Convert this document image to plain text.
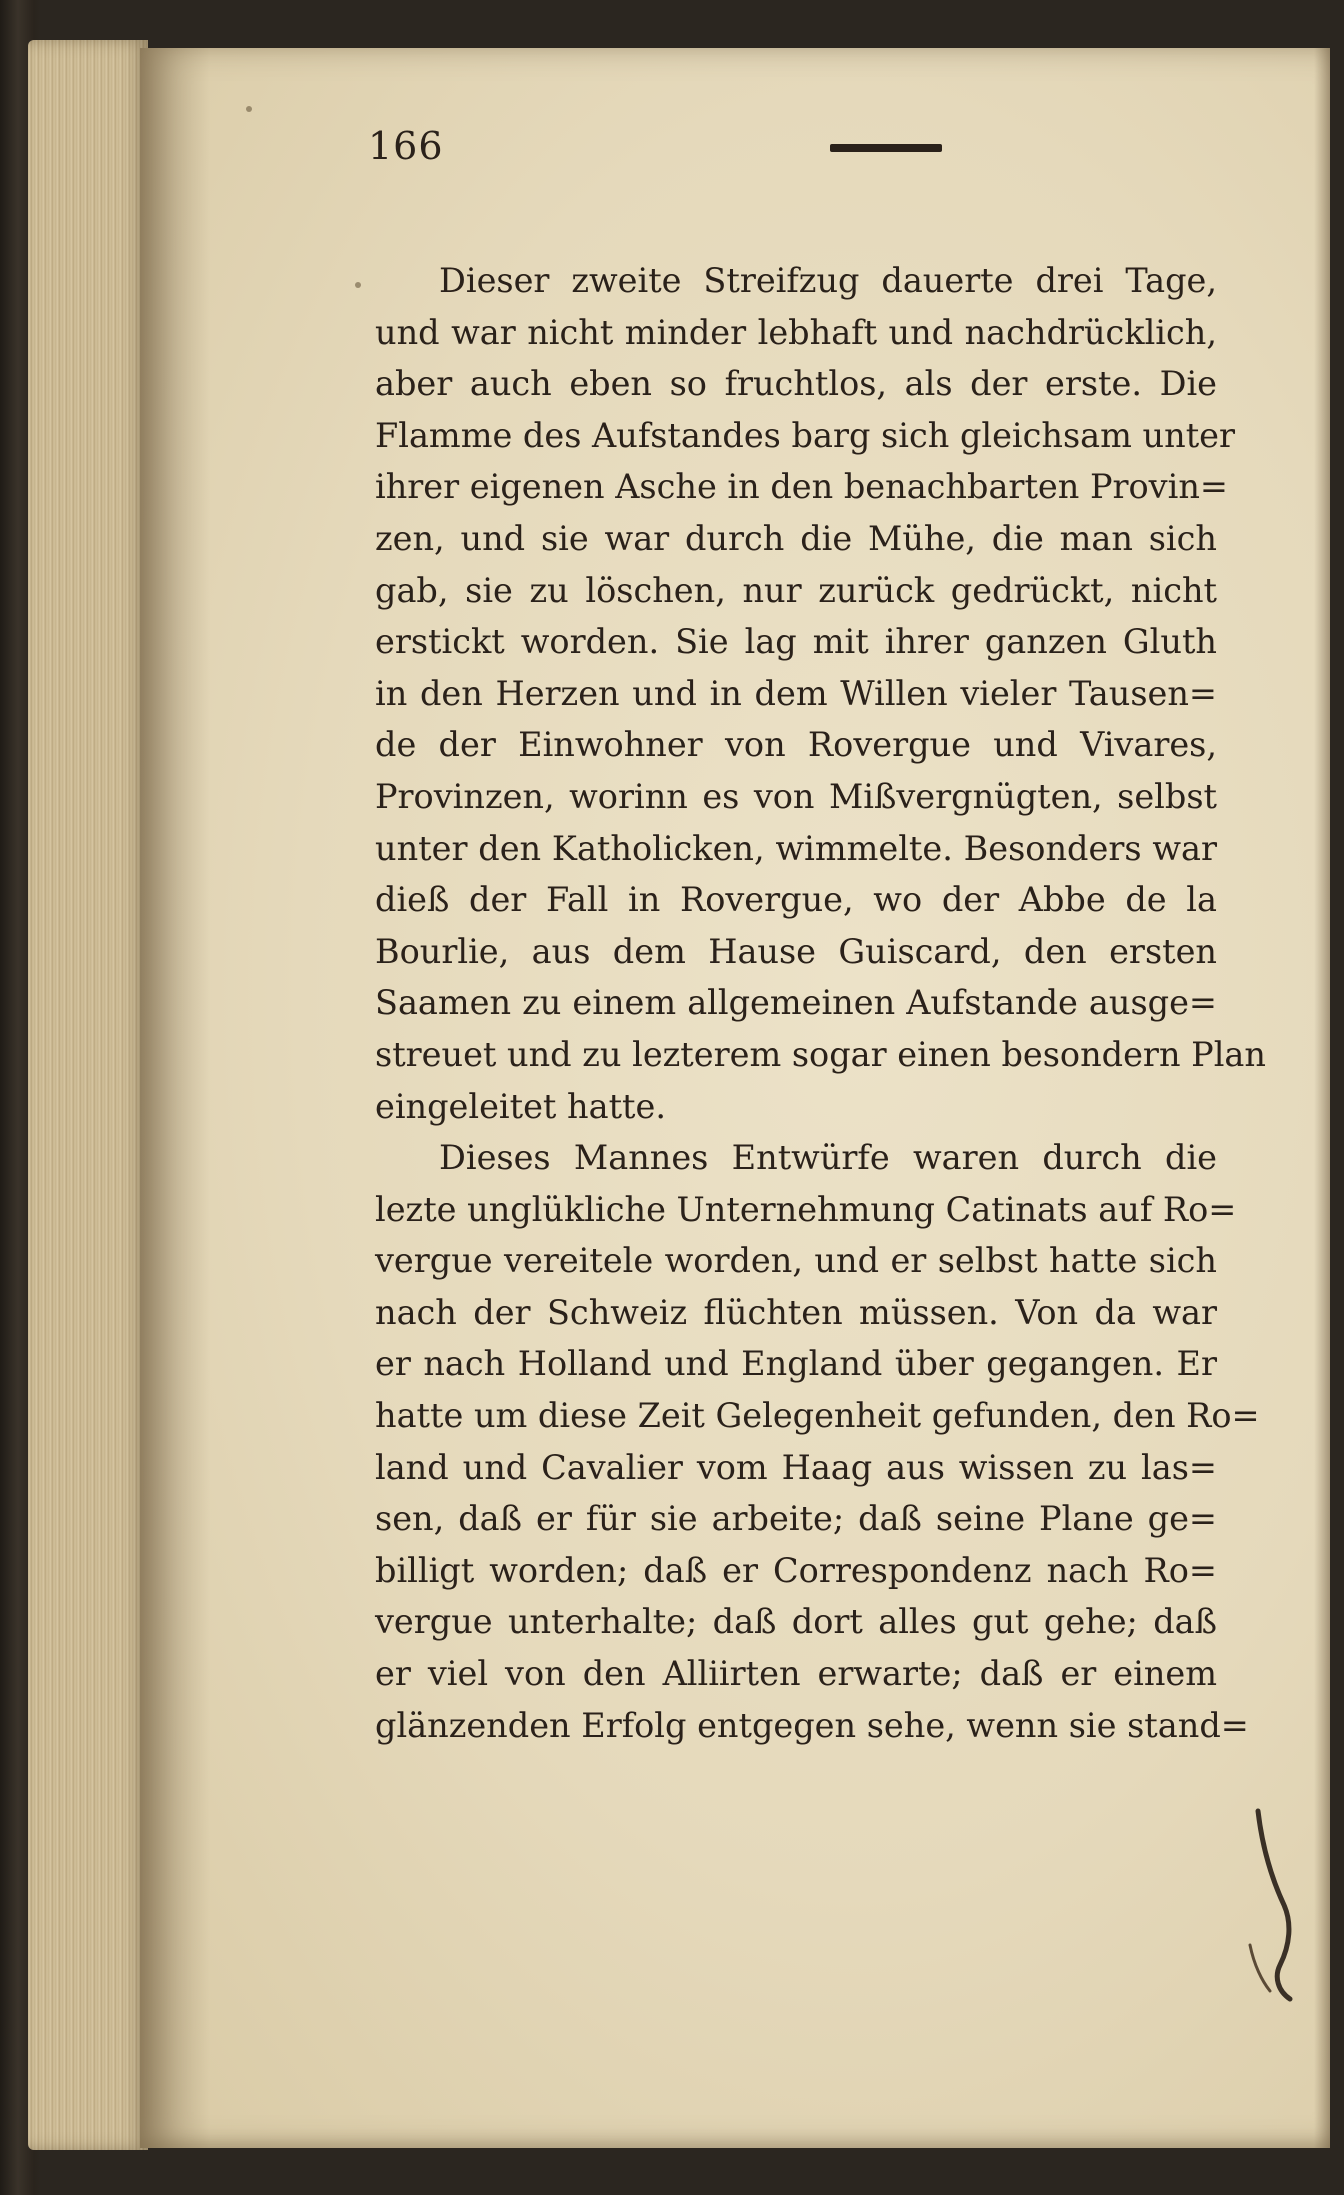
166
Dieser zweite Streifzug dauerte drei Tage,
und war nicht minder lebhaft und nachdrücklich,
aber auch eben so fruchtlos, als der erste. Die
Flamme des Aufstandes barg sich gleichsam unter
ihrer eigenen Asche in den benachbarten Provin=
zen, und sie war durch die Mühe, die man sich
gab, sie zu löschen, nur zurück gedrückt, nicht
erstickt worden. Sie lag mit ihrer ganzen Gluth
in den Herzen und in dem Willen vieler Tausen=
de der Einwohner von Rovergue und Vivares,
Provinzen, worinn es von Mißvergnügten, selbst
unter den Katholicken, wimmelte. Besonders war
dieß der Fall in Rovergue, wo der Abbe de la
Bourlie, aus dem Hause Guiscard, den ersten
Saamen zu einem allgemeinen Aufstande ausge=
streuet und zu lezterem sogar einen besondern Plan
eingeleitet hatte.
Dieses Mannes Entwürfe waren durch die
lezte unglükliche Unternehmung Catinats auf Ro=
vergue vereitele worden, und er selbst hatte sich
nach der Schweiz flüchten müssen. Von da war
er nach Holland und England über gegangen. Er
hatte um diese Zeit Gelegenheit gefunden, den Ro=
land und Cavalier vom Haag aus wissen zu las=
sen, daß er für sie arbeite; daß seine Plane ge=
billigt worden; daß er Correspondenz nach Ro=
vergue unterhalte; daß dort alles gut gehe; daß
er viel von den Alliirten erwarte; daß er einem
glänzenden Erfolg entgegen sehe, wenn sie stand=
